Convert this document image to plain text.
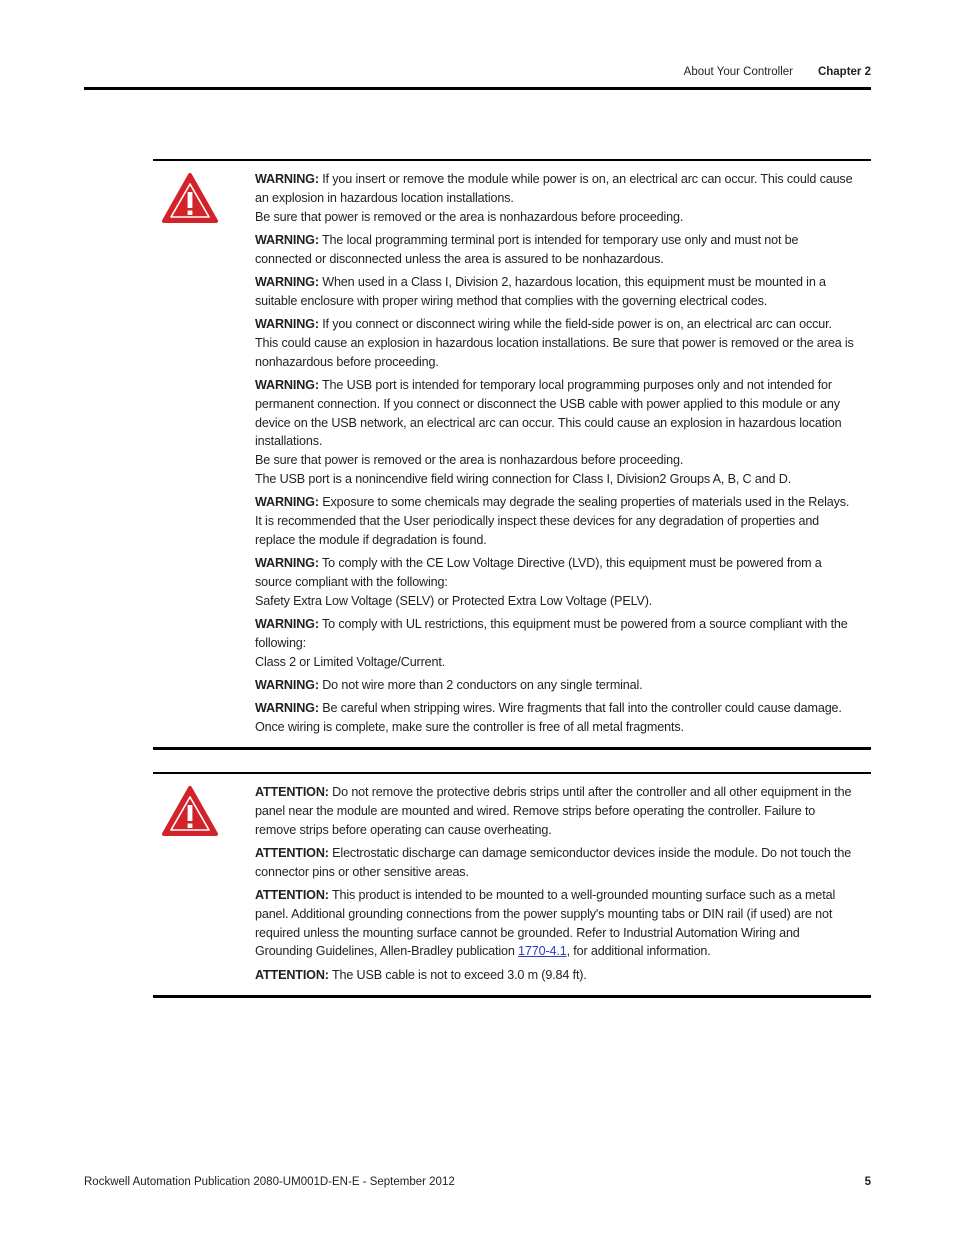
About Your Controller Chapter 2

WARNING: If you insert or remove the module while power is on, an electrical arc can occur. This could cause an explosion in hazardous location installations.
Be sure that power is removed or the area is nonhazardous before proceeding.

WARNING: The local programming terminal port is intended for temporary use only and must not be connected or disconnected unless the area is assured to be nonhazardous.

WARNING: When used in a Class I, Division 2, hazardous location, this equipment must be mounted in a suitable enclosure with proper wiring method that complies with the governing electrical codes.

WARNING: If you connect or disconnect wiring while the field-side power is on, an electrical arc can occur. This could cause an explosion in hazardous location installations. Be sure that power is removed or the area is nonhazardous before proceeding.

WARNING: The USB port is intended for temporary local programming purposes only and not intended for permanent connection. If you connect or disconnect the USB cable with power applied to this module or any device on the USB network, an electrical arc can occur. This could cause an explosion in hazardous location installations.
Be sure that power is removed or the area is nonhazardous before proceeding.
The USB port is a nonincendive field wiring connection for Class I, Division2 Groups A, B, C and D.

WARNING: Exposure to some chemicals may degrade the sealing properties of materials used in the Relays. It is recommended that the User periodically inspect these devices for any degradation of properties and replace the module if degradation is found.

WARNING: To comply with the CE Low Voltage Directive (LVD), this equipment must be powered from a source compliant with the following:
Safety Extra Low Voltage (SELV) or Protected Extra Low Voltage (PELV).

WARNING: To comply with UL restrictions, this equipment must be powered from a source compliant with the following:
Class 2 or Limited Voltage/Current.

WARNING: Do not wire more than 2 conductors on any single terminal.

WARNING: Be careful when stripping wires. Wire fragments that fall into the controller could cause damage. Once wiring is complete, make sure the controller is free of all metal fragments.

ATTENTION: Do not remove the protective debris strips until after the controller and all other equipment in the panel near the module are mounted and wired. Remove strips before operating the controller. Failure to remove strips before operating can cause overheating.

ATTENTION: Electrostatic discharge can damage semiconductor devices inside the module. Do not touch the connector pins or other sensitive areas.

ATTENTION: This product is intended to be mounted to a well-grounded mounting surface such as a metal panel. Additional grounding connections from the power supply's mounting tabs or DIN rail (if used) are not required unless the mounting surface cannot be grounded. Refer to Industrial Automation Wiring and Grounding Guidelines, Allen-Bradley publication 1770-4.1, for additional information.

ATTENTION: The USB cable is not to exceed 3.0 m (9.84 ft).

Rockwell Automation Publication 2080-UM001D-EN-E - September 2012	5
